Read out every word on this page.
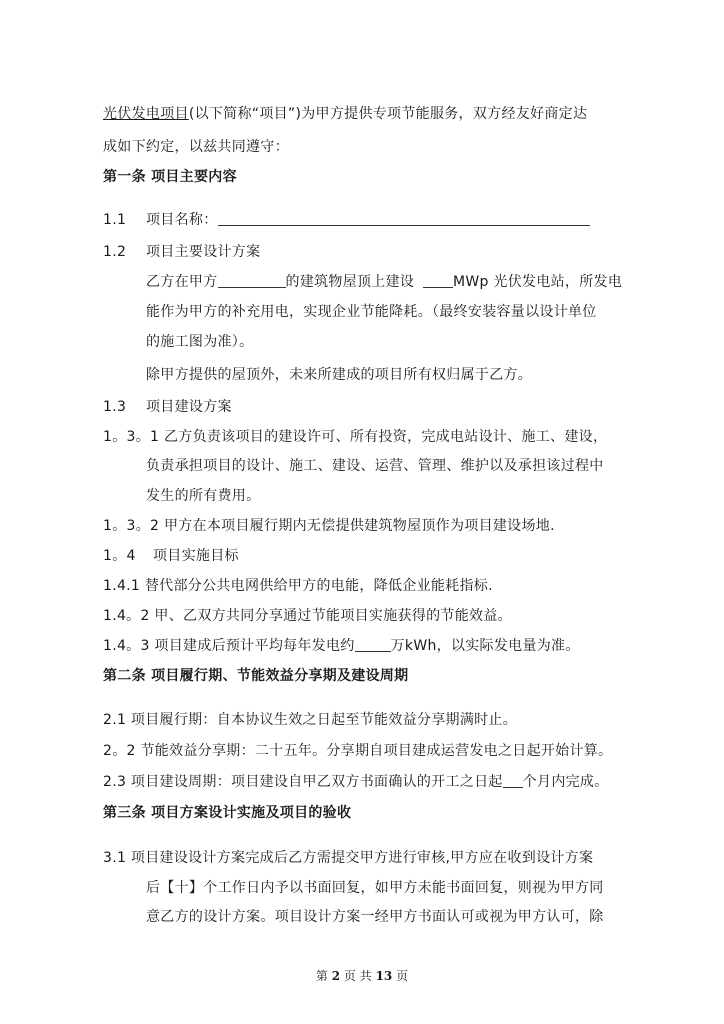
光伏发电项目(以下简称“项目”)为甲方提供专项节能服务，双方经友好商定达
成如下约定，以兹共同遵守：
第一条 项目主要内容
1.1 项目名称：
1.2 项目主要设计方案
乙方在甲方	的建筑物屋顶上建设	MWp 光伏发电站，所发电
能作为甲方的补充用电，实现企业节能降耗。（最终安装容量以设计单位
的施工图为准）。
除甲方提供的屋顶外，未来所建成的项目所有权归属于乙方。
1.3 项目建设方案
1。3。1 乙方负责该项目的建设许可、所有投资，完成电站设计、施工、建设，
负责承担项目的设计、施工、建设、运营、管理、维护以及承担该过程中
发生的所有费用。
1。3。2 甲方在本项目履行期内无偿提供建筑物屋顶作为项目建设场地.
1。4 项目实施目标
1.4.1 替代部分公共电网供给甲方的电能，降低企业能耗指标.
1.4。2 甲、乙双方共同分享通过节能项目实施获得的节能效益。
1.4。3 项目建成后预计平均每年发电约	万kWh，以实际发电量为准。
第二条 项目履行期、节能效益分享期及建设周期
2.1 项目履行期：自本协议生效之日起至节能效益分享期满时止。
2。2 节能效益分享期：二十五年。分享期自项目建成运营发电之日起开始计算。
2.3 项目建设周期：项目建设自甲乙双方书面确认的开工之日起 个月内完成。
第三条 项目方案设计实施及项目的验收
3.1 项目建设设计方案完成后乙方需提交甲方进行审核,甲方应在收到设计方案
后【十】个工作日内予以书面回复，如甲方未能书面回复，则视为甲方同
意乙方的设计方案。项目设计方案一经甲方书面认可或视为甲方认可，除
第 2 页 共 13 页
